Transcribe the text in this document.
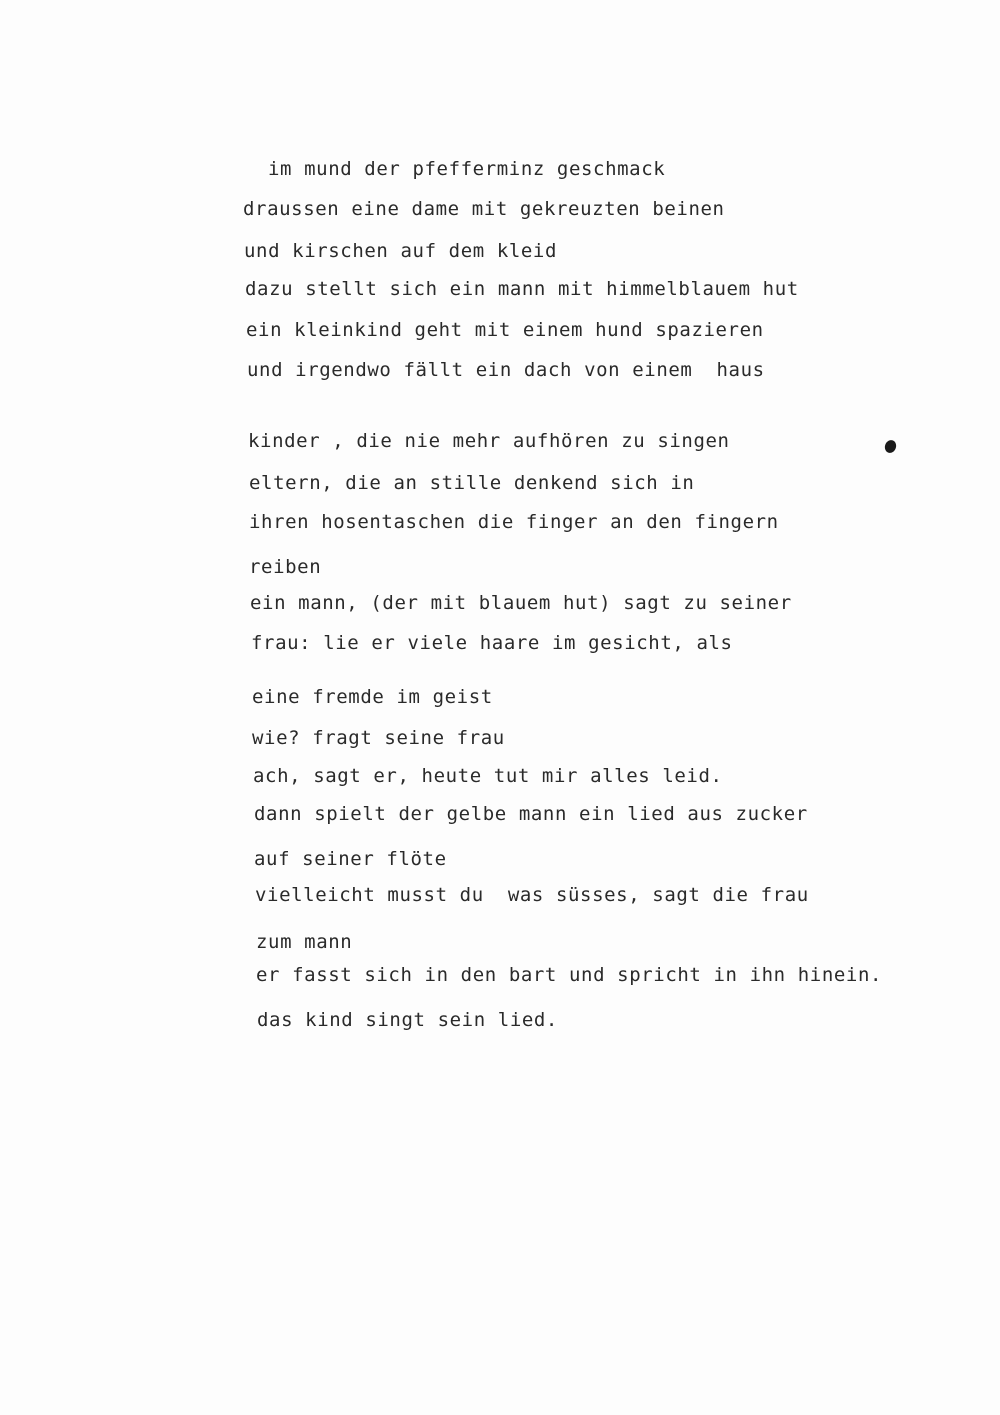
im mund der pfefferminz geschmack
draussen eine dame mit gekreuzten beinen
und kirschen auf dem kleid
dazu stellt sich ein mann mit himmelblauem hut
ein kleinkind geht mit einem hund spazieren
und irgendwo fällt ein dach von einem  haus
kinder , die nie mehr aufhören zu singen
eltern, die an stille denkend sich in
ihren hosentaschen die finger an den fingern
reiben
ein mann, (der mit blauem hut) sagt zu seiner
frau: lie er viele haare im gesicht, als
eine fremde im geist
wie? fragt seine frau
ach, sagt er, heute tut mir alles leid.
dann spielt der gelbe mann ein lied aus zucker
auf seiner flöte
vielleicht musst du  was süsses, sagt die frau
zum mann
er fasst sich in den bart und spricht in ihn hinein.
das kind singt sein lied.
